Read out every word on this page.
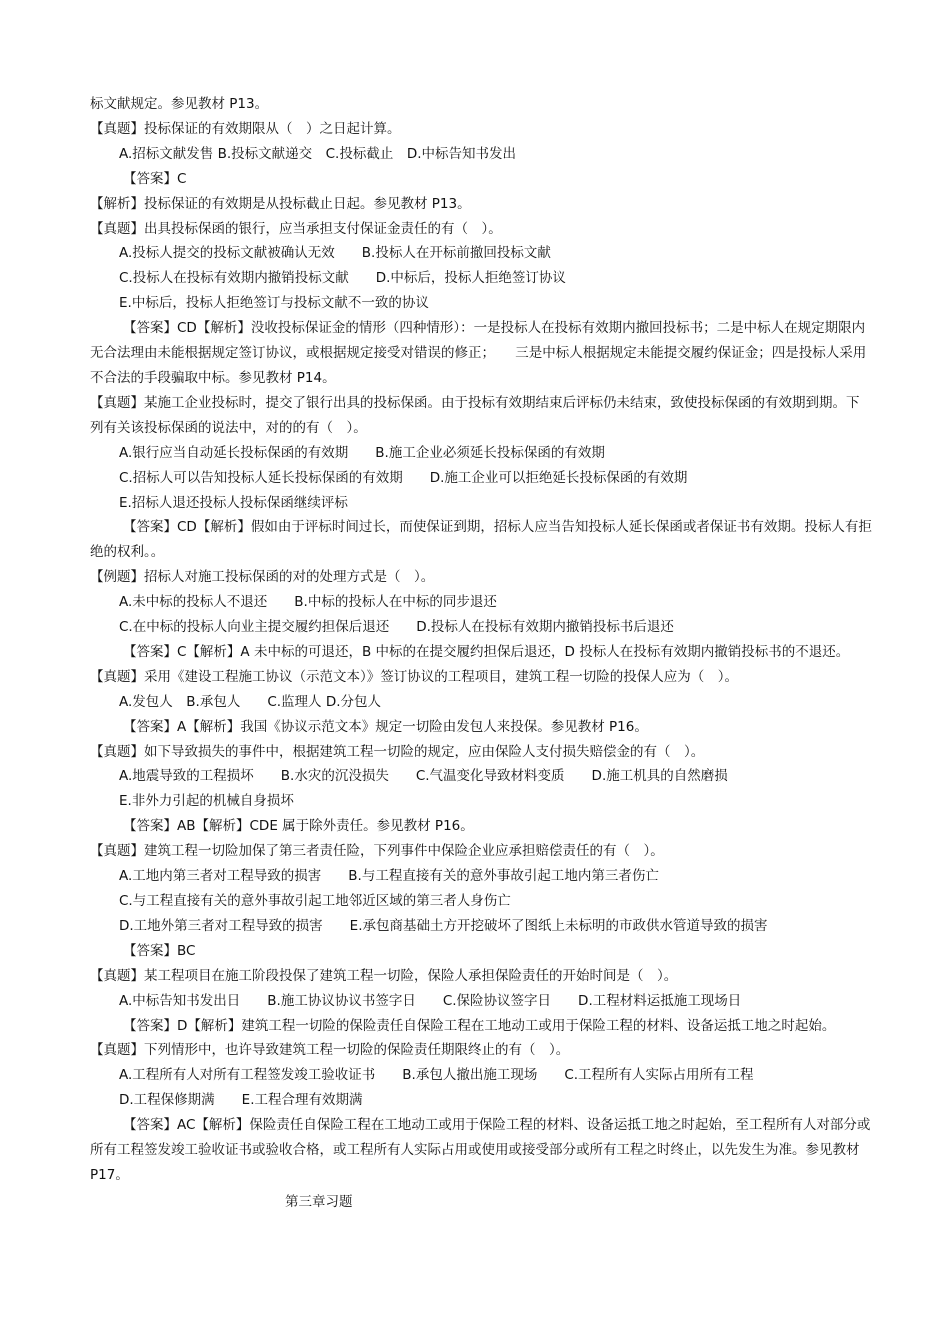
标文献规定。参见教材 P13。
【真题】投标保证的有效期限从（　）之日起计算。
A.招标文献发售 B.投标文献递交　C.投标截止　D.中标告知书发出
【答案】C
【解析】投标保证的有效期是从投标截止日起。参见教材 P13。
【真题】出具投标保函的银行，应当承担支付保证金责任的有（　）。
A.投标人提交的投标文献被确认无效　　B.投标人在开标前撤回投标文献
C.投标人在投标有效期内撤销投标文献　　D.中标后，投标人拒绝签订协议
E.中标后，投标人拒绝签订与投标文献不一致的协议
【答案】CD【解析】没收投标保证金的情形（四种情形）：一是投标人在投标有效期内撤回投标书；二是中标人在规定期限内无合法理由未能根据规定签订协议，或根据规定接受对错误的修正；　　三是中标人根据规定未能提交履约保证金；四是投标人采用不合法的手段骗取中标。参见教材 P14。
【真题】某施工企业投标时，提交了银行出具的投标保函。由于投标有效期结束后评标仍未结束，致使投标保函的有效期到期。下列有关该投标保函的说法中，对的的有（　）。
A.银行应当自动延长投标保函的有效期　　B.施工企业必须延长投标保函的有效期
C.招标人可以告知投标人延长投标保函的有效期　　D.施工企业可以拒绝延长投标保函的有效期
E.招标人退还投标人投标保函继续评标
【答案】CD【解析】假如由于评标时间过长，而使保证到期，招标人应当告知投标人延长保函或者保证书有效期。投标人有拒绝的权利。。
【例题】招标人对施工投标保函的对的处理方式是（　）。
A.未中标的投标人不退还　　B.中标的投标人在中标的同步退还
C.在中标的投标人向业主提交履约担保后退还　　D.投标人在投标有效期内撤销投标书后退还
【答案】C【解析】A 未中标的可退还，B 中标的在提交履约担保后退还，D 投标人在投标有效期内撤销投标书的不退还。
【真题】采用《建设工程施工协议（示范文本）》签订协议的工程项目，建筑工程一切险的投保人应为（　）。
A.发包人　B.承包人　　C.监理人 D.分包人
【答案】A【解析】我国《协议示范文本》规定一切险由发包人来投保。参见教材 P16。
【真题】如下导致损失的事件中，根据建筑工程一切险的规定，应由保险人支付损失赔偿金的有（　）。
A.地震导致的工程损坏　　B.水灾的沉没损失　　C.气温变化导致材料变质　　D.施工机具的自然磨损
E.非外力引起的机械自身损坏
【答案】AB【解析】CDE 属于除外责任。参见教材 P16。
【真题】建筑工程一切险加保了第三者责任险，下列事件中保险企业应承担赔偿责任的有（　）。
A.工地内第三者对工程导致的损害　　B.与工程直接有关的意外事故引起工地内第三者伤亡
C.与工程直接有关的意外事故引起工地邻近区域的第三者人身伤亡
D.工地外第三者对工程导致的损害　　E.承包商基础土方开挖破坏了图纸上未标明的市政供水管道导致的损害
【答案】BC
【真题】某工程项目在施工阶段投保了建筑工程一切险，保险人承担保险责任的开始时间是（　）。
A.中标告知书发出日　　B.施工协议协议书签字日　　C.保险协议签字日　　D.工程材料运抵施工现场日
【答案】D【解析】建筑工程一切险的保险责任自保险工程在工地动工或用于保险工程的材料、设备运抵工地之时起始。
【真题】下列情形中，也许导致建筑工程一切险的保险责任期限终止的有（　）。
A.工程所有人对所有工程签发竣工验收证书　　B.承包人撤出施工现场　　C.工程所有人实际占用所有工程
D.工程保修期满　　E.工程合理有效期满
【答案】AC【解析】保险责任自保险工程在工地动工或用于保险工程的材料、设备运抵工地之时起始，至工程所有人对部分或所有工程签发竣工验收证书或验收合格，或工程所有人实际占用或使用或接受部分或所有工程之时终止，以先发生为准。参见教材 P17。
第三章习题
